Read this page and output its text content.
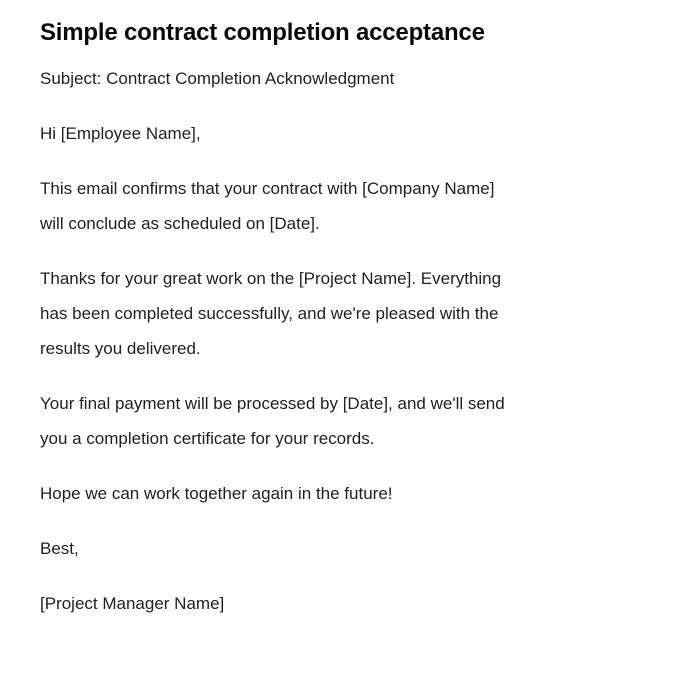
Simple contract completion acceptance

Subject: Contract Completion Acknowledgment

Hi [Employee Name],

This email confirms that your contract with [Company Name]
will conclude as scheduled on [Date].

Thanks for your great work on the [Project Name]. Everything
has been completed successfully, and we're pleased with the
results you delivered.

Your final payment will be processed by [Date], and we'll send
you a completion certificate for your records.

Hope we can work together again in the future!

Best,

[Project Manager Name]
